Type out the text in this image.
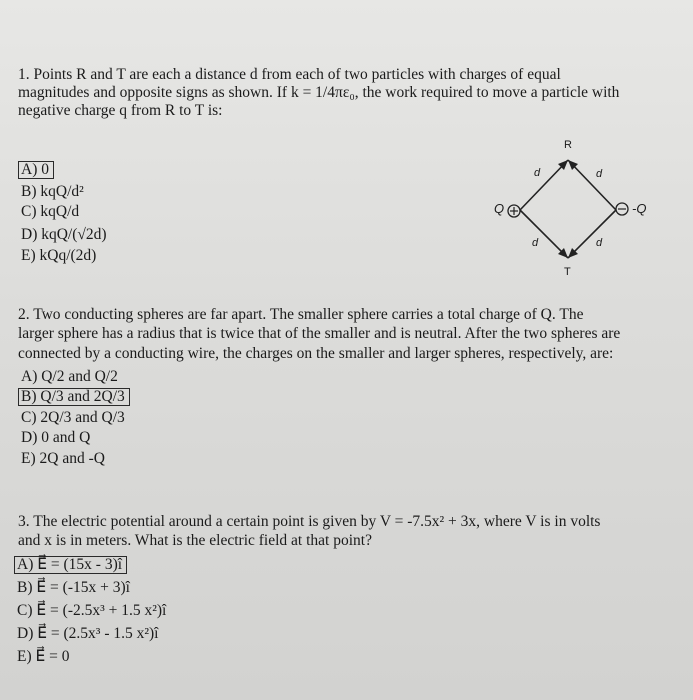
1. Points R and T are each a distance d from each of two particles with charges of equal
magnitudes and opposite signs as shown. If k = 1/4πε₀, the work required to move a particle with
negative charge q from R to T is:
A) 0
B) kqQ/d²
C) kqQ/d
D) kqQ/(√2d)
E) kQq/(2d)
R
T
d	d
d	d
Q	-Q
2. Two conducting spheres are far apart. The smaller sphere carries a total charge of Q. The
larger sphere has a radius that is twice that of the smaller and is neutral. After the two spheres are
connected by a conducting wire, the charges on the smaller and larger spheres, respectively, are:
A) Q/2 and Q/2
B) Q/3 and 2Q/3
C) 2Q/3 and Q/3
D) 0 and Q
E) 2Q and -Q
3. The electric potential around a certain point is given by V = -7.5x² + 3x, where V is in volts
and x is in meters. What is the electric field at that point?
A) E⃗ = (15x - 3)î
B) E⃗ = (-15x + 3)î
C) E⃗ = (-2.5x³ + 1.5 x²)î
D) E⃗ = (2.5x³ - 1.5 x²)î
E) E⃗ = 0
